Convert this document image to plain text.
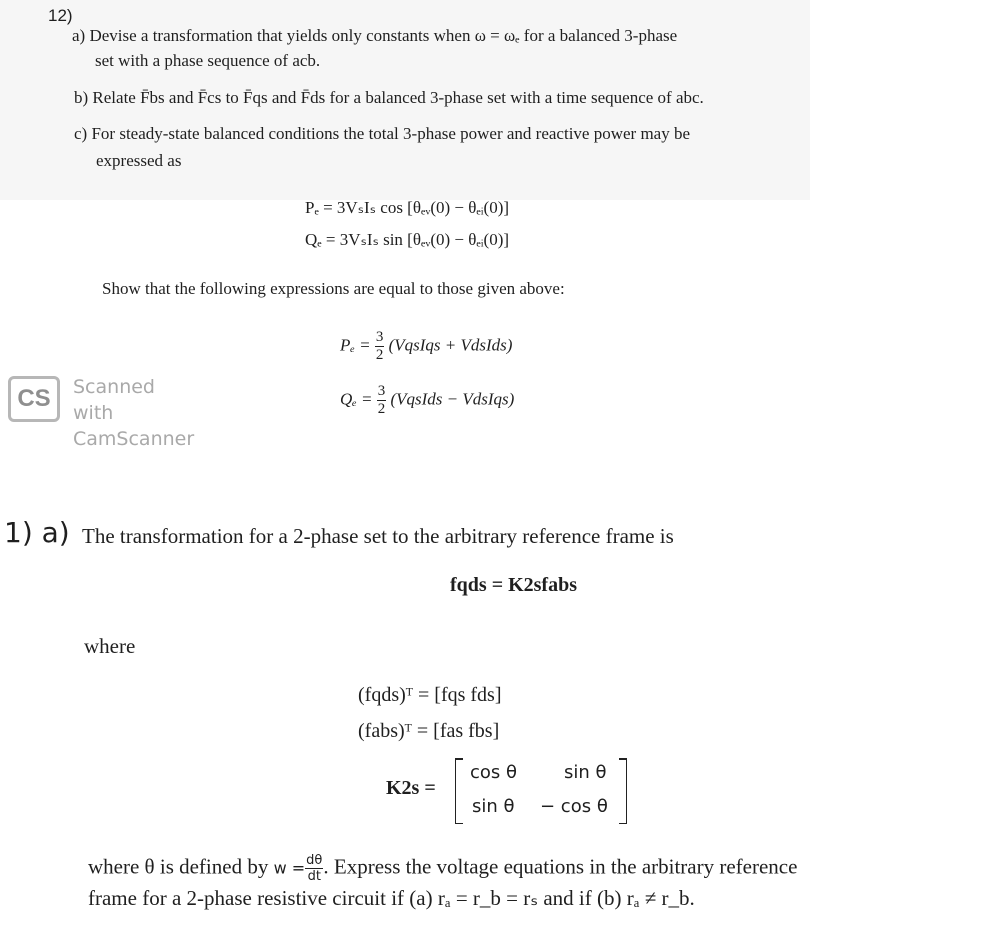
12)
a) Devise a transformation that yields only constants when ω = ωₑ for a balanced 3-phase
set with a phase sequence of acb.
b) Relate F̄bs and F̄cs to F̄qs and F̄ds for a balanced 3-phase set with a time sequence of abc.
c) For steady-state balanced conditions the total 3-phase power and reactive power may be
expressed as
Pₑ = 3VₛIₛ cos [θₑᵥ(0) − θₑᵢ(0)]
Qₑ = 3VₛIₛ sin [θₑᵥ(0) − θₑᵢ(0)]
Show that the following expressions are equal to those given above:
$P_e = \frac{3}{2}$ (VqsIqs + VdsIds)
$Q_e = \frac{3}{2}$ (VqsIds − VdsIqs)
CS	Scanned with
CamScanner
1) a) The transformation for a 2-phase set to the arbitrary reference frame is
fqds = K2sfabs
where
(fqds)ᵀ = [fqs fds]
(fabs)ᵀ = [fas fbs]
K2s =
cos θ	sin θ
sin θ − cos θ
where θ is defined by $w = \frac{d\theta}{dt}$ . Express the voltage equations in the arbitrary reference
frame for a 2-phase resistive circuit if (a) rₐ = r_b = rₛ and if (b) rₐ ≠ r_b.
